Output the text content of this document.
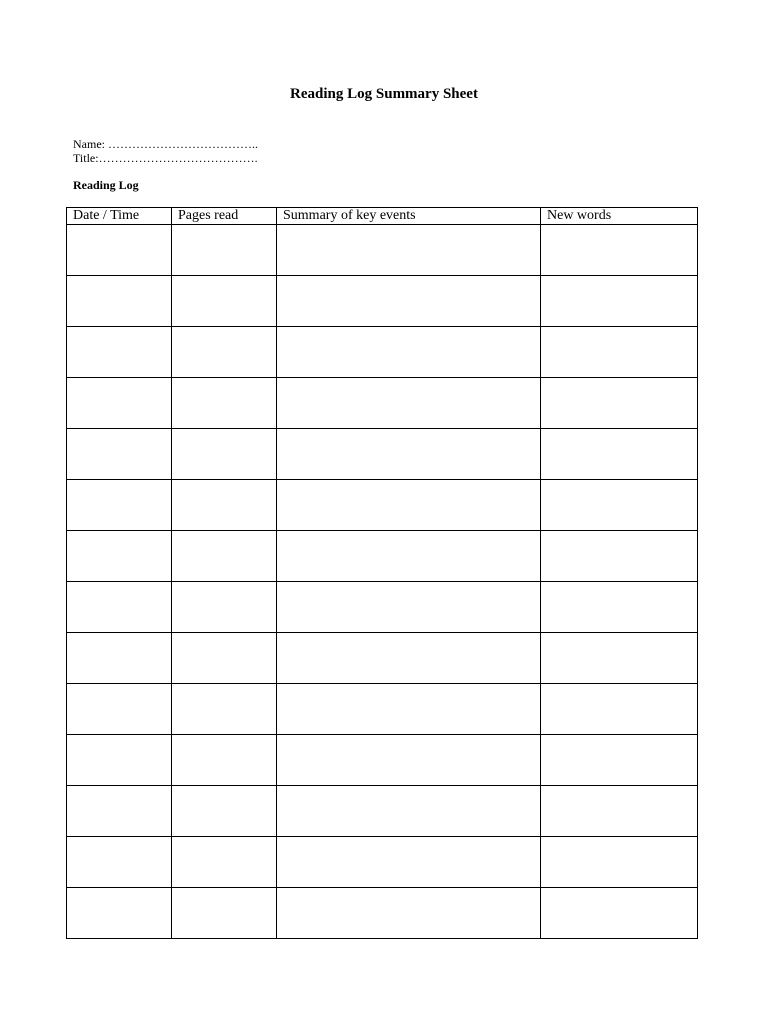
Reading Log Summary Sheet
Name: ………………………………..
Title:………………………………….
Reading Log
Date / Time	Pages read	Summary of key events	New words
